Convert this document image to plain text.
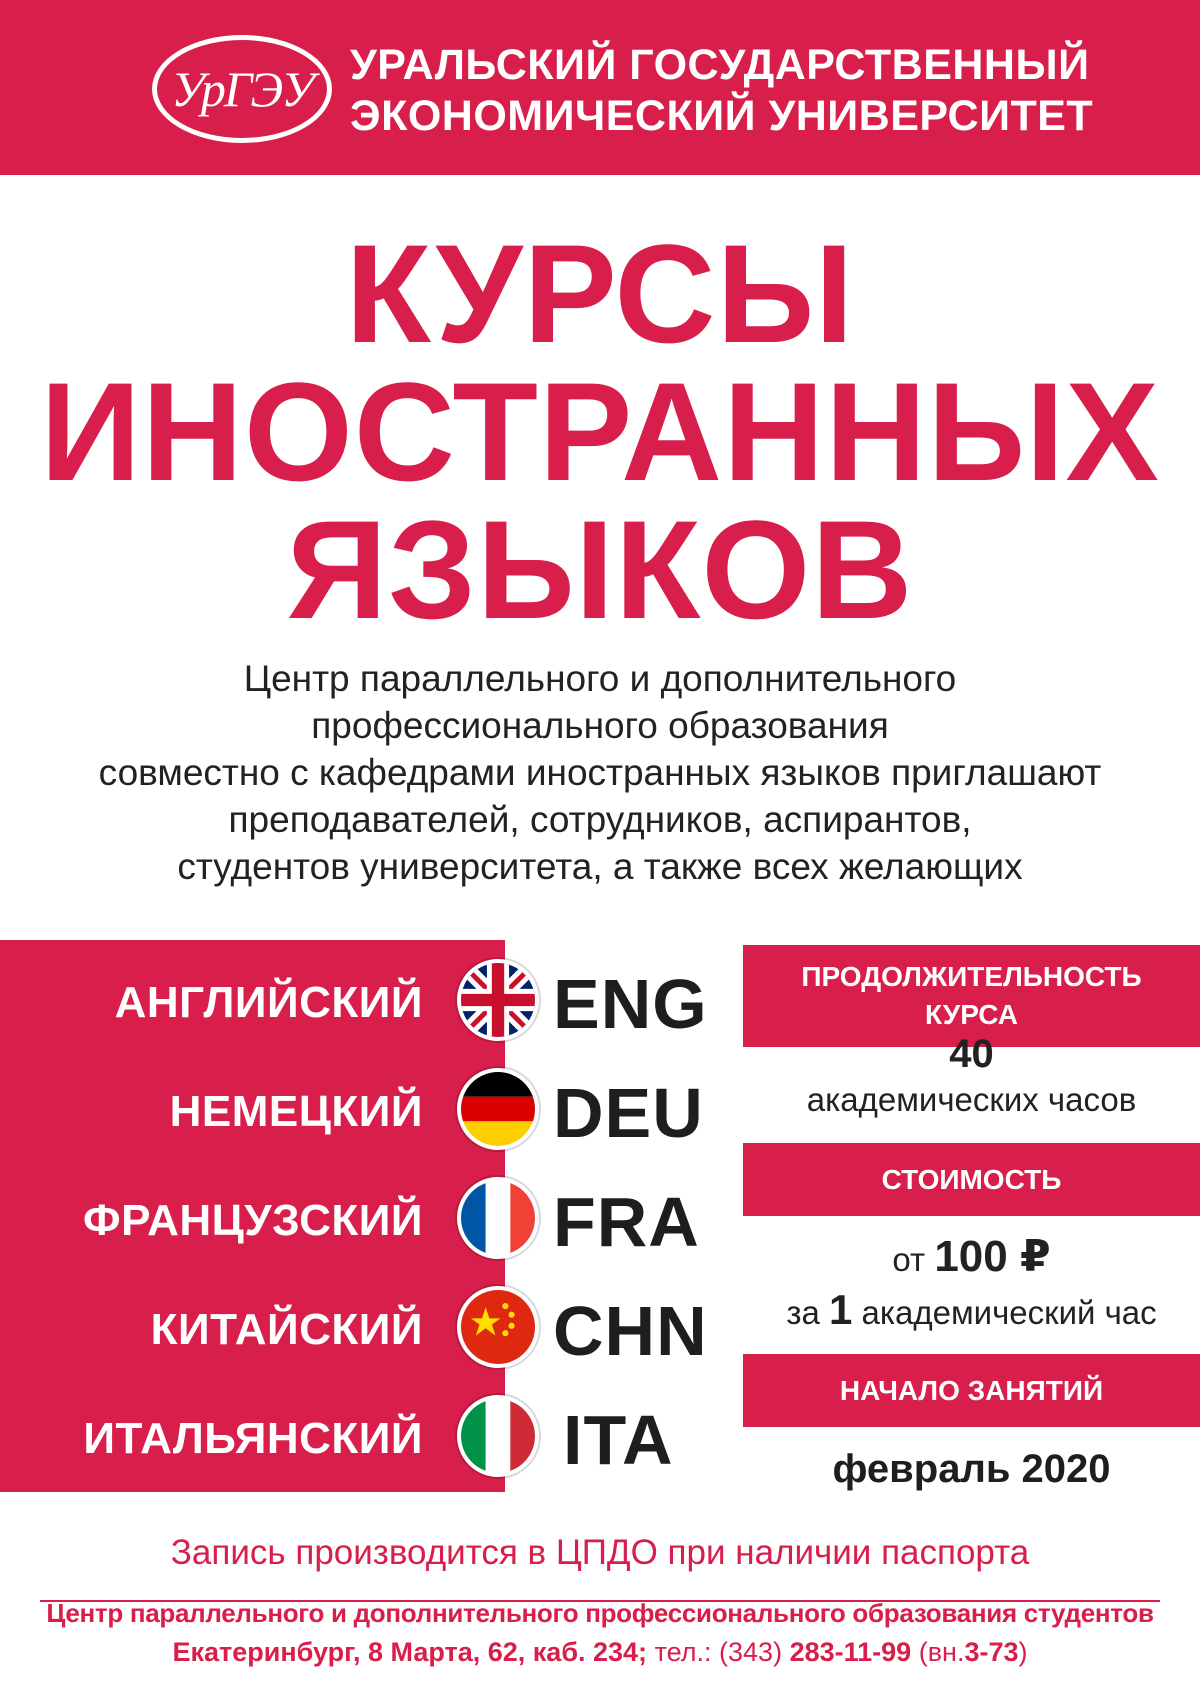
УрГЭУ УРАЛЬСКИЙ ГОСУДАРСТВЕННЫЙ
ЭКОНОМИЧЕСКИЙ УНИВЕРСИТЕТ
КУРСЫ
ИНОСТРАННЫХ
ЯЗЫКОВ
Центр параллельного и дополнительного
профессионального образования
совместно с кафедрами иностранных языков приглашают
преподавателей, сотрудников, аспирантов,
студентов университета, а также всех желающих
АНГЛИЙСКИЙ ENG
НЕМЕЦКИЙ DEU
ФРАНЦУЗСКИЙ FRA
КИТАЙСКИЙ CHN
ИТАЛЬЯНСКИЙ ITA
ПРОДОЛЖИТЕЛЬНОСТЬ
КУРСА
40
академических часов
СТОИМОСТЬ
от 100 ₽
за 1 академический час
НАЧАЛО ЗАНЯТИЙ
февраль 2020
Запись производится в ЦПДО при наличии паспорта
Центр параллельного и дополнительного профессионального образования студентов
Екатеринбург, 8 Марта, 62, каб. 234; тел.: (343) 283-11-99 (вн.3-73)
